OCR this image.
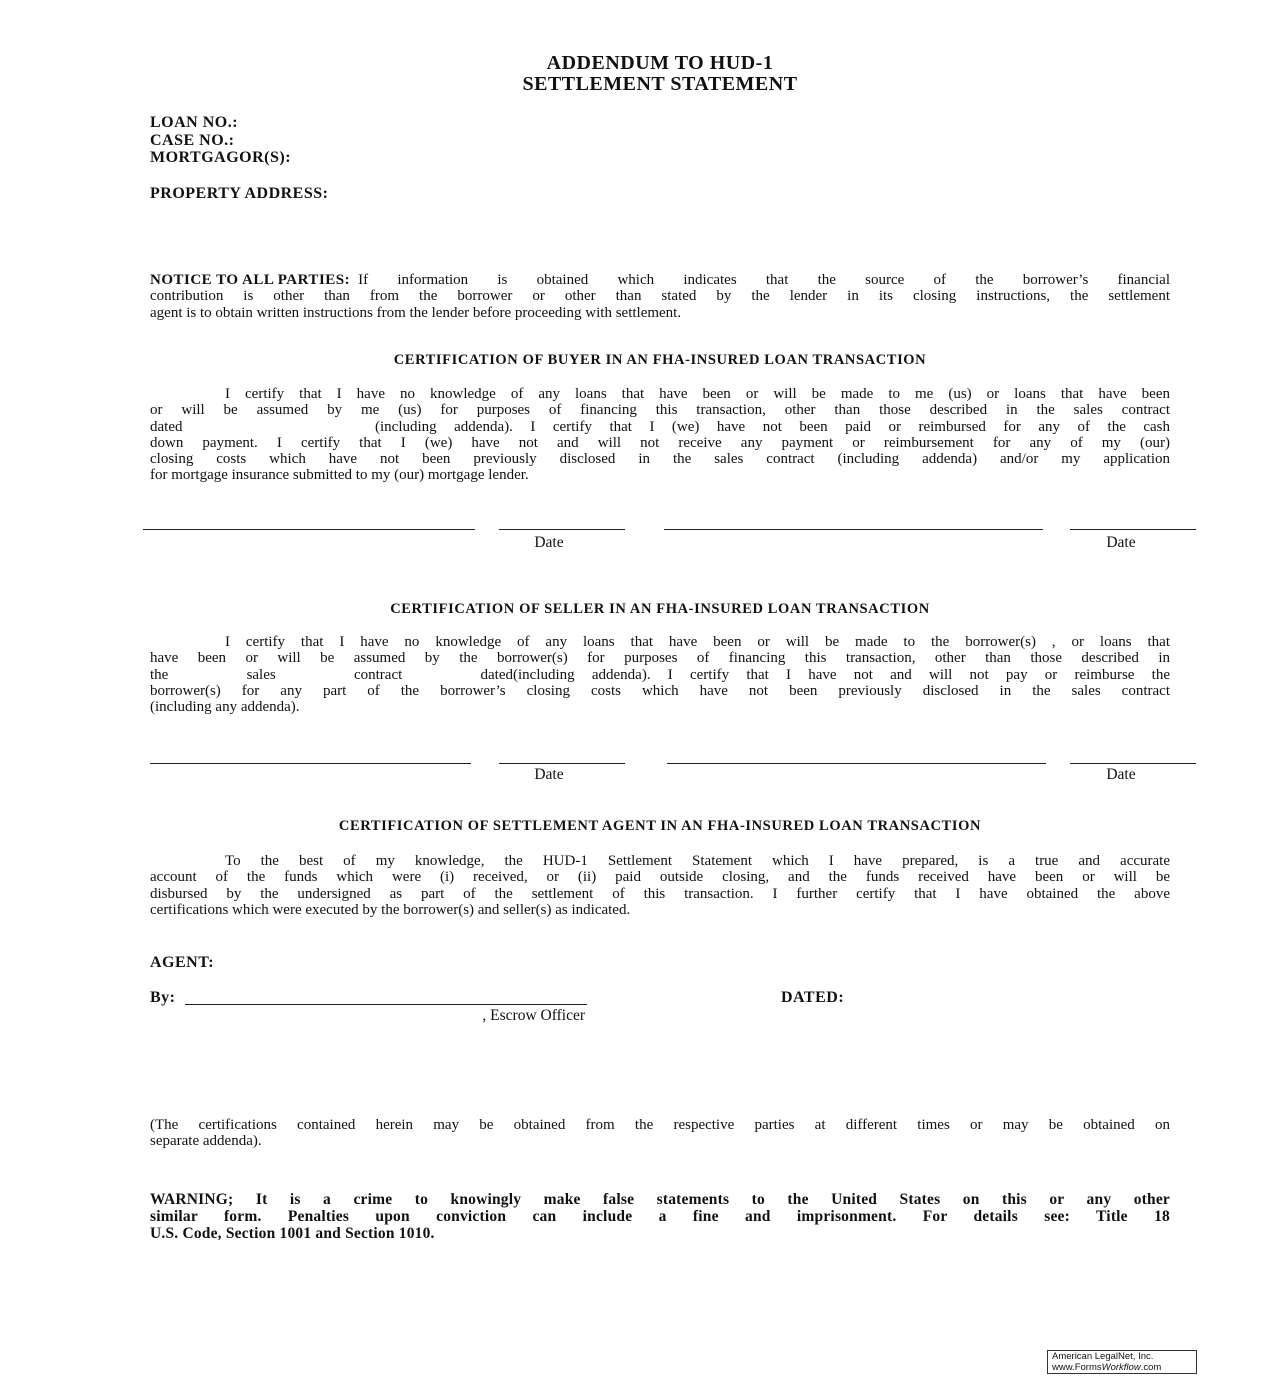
ADDENDUM TO HUD-1
SETTLEMENT STATEMENT
LOAN NO.:
CASE NO.:
MORTGAGOR(S):
PROPERTY ADDRESS:
NOTICE TO ALL PARTIES: If information is obtained which indicates that the source of the borrower’s financial
contribution is other than from the borrower or other than stated by the lender in its closing instructions, the settlement
agent is to obtain written instructions from the lender before proceeding with settlement.
CERTIFICATION OF BUYER IN AN FHA-INSURED LOAN TRANSACTION
I certify that I have no knowledge of any loans that have been or will be made to me (us) or loans that have been
or will be assumed by me (us) for purposes of financing this transaction, other than those described in the sales contract
dated	(including addenda). I certify that I (we) have not been paid or reimbursed for any of the cash
down payment. I certify that I (we) have not and will not receive any payment or reimbursement for any of my (our)
closing costs which have not been previously disclosed in the sales contract (including addenda) and/or my application
for mortgage insurance submitted to my (our) mortgage lender.
Date	Date
CERTIFICATION OF SELLER IN AN FHA-INSURED LOAN TRANSACTION
I certify that I have no knowledge of any loans that have been or will be made to the borrower(s) , or loans that
have been or will be assumed by the borrower(s) for purposes of financing this transaction, other than those described in
the sales contract dated (including addenda). I certify that I have not and will not pay or reimburse the
borrower(s) for any part of the borrower’s closing costs which have not been previously disclosed in the sales contract
(including any addenda).
Date	Date
CERTIFICATION OF SETTLEMENT AGENT IN AN FHA-INSURED LOAN TRANSACTION
To the best of my knowledge, the HUD-1 Settlement Statement which I have prepared, is a true and accurate
account of the funds which were (i) received, or (ii) paid outside closing, and the funds received have been or will be
disbursed by the undersigned as part of the settlement of this transaction. I further certify that I have obtained the above
certifications which were executed by the borrower(s) and seller(s) as indicated.
AGENT:
By:	DATED:
, Escrow Officer
(The certifications contained herein may be obtained from the respective parties at different times or may be obtained on
separate addenda).
WARNING; It is a crime to knowingly make false statements to the United States on this or any other
similar form. Penalties upon conviction can include a fine and imprisonment. For details see: Title 18
U.S. Code, Section 1001 and Section 1010.
American LegalNet, Inc.
www.FormsWorkflow.com
